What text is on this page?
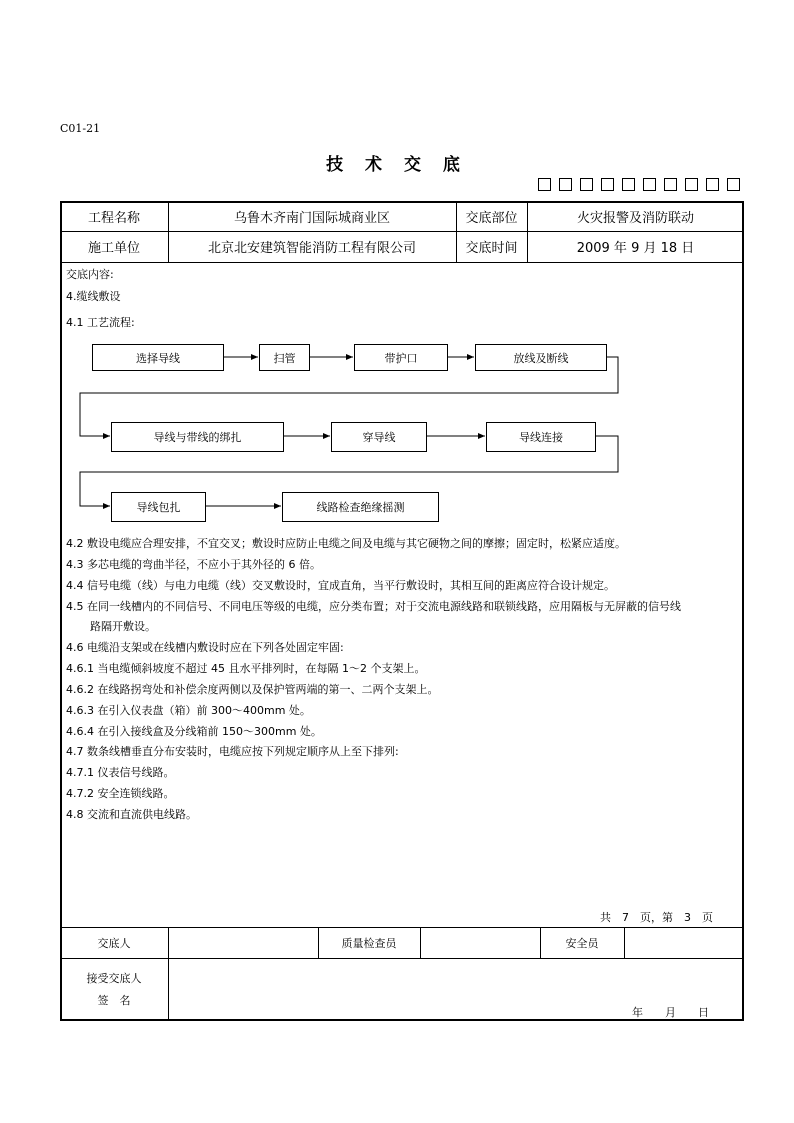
C01-21
技 术 交 底
工程名称	乌鲁木齐南门国际城商业区	交底部位	火灾报警及消防联动
施工单位	北京北安建筑智能消防工程有限公司	交底时间	2009 年 9 月 18 日
交底内容:
4.缆线敷设
4.1 工艺流程:
选择导线	扫管	带护口	放线及断线
导线与带线的绑扎	穿导线	导线连接
导线包扎	线路检查绝缘摇测
4.2 敷设电缆应合理安排，不宜交叉；敷设时应防止电缆之间及电缆与其它硬物之间的摩擦；固定时，松紧应适度。
4.3 多芯电缆的弯曲半径，不应小于其外径的 6 倍。
4.4 信号电缆（线）与电力电缆（线）交叉敷设时，宜成直角，当平行敷设时，其相互间的距离应符合设计规定。
4.5 在同一线槽内的不同信号、不同电压等级的电缆，应分类布置；对于交流电源线路和联锁线路，应用隔板与无屏蔽的信号线
路隔开敷设。
4.6 电缆沿支架或在线槽内敷设时应在下列各处固定牢固:
4.6.1 当电缆倾斜坡度不超过 45 且水平排列时，在每隔 1～2 个支架上。
4.6.2 在线路拐弯处和补偿余度两侧以及保护管两端的第一、二两个支架上。
4.6.3 在引入仪表盘（箱）前 300～400mm 处。
4.6.4 在引入接线盒及分线箱前 150～300mm 处。
4.7 数条线槽垂直分布安装时，电缆应按下列规定顺序从上至下排列:
4.7.1 仪表信号线路。
4.7.2 安全连锁线路。
4.8 交流和直流供电线路。
共　7　页，第　3　页
交底人	质量检查员	安全员
接受交底人
签　名
年　　月　　日
